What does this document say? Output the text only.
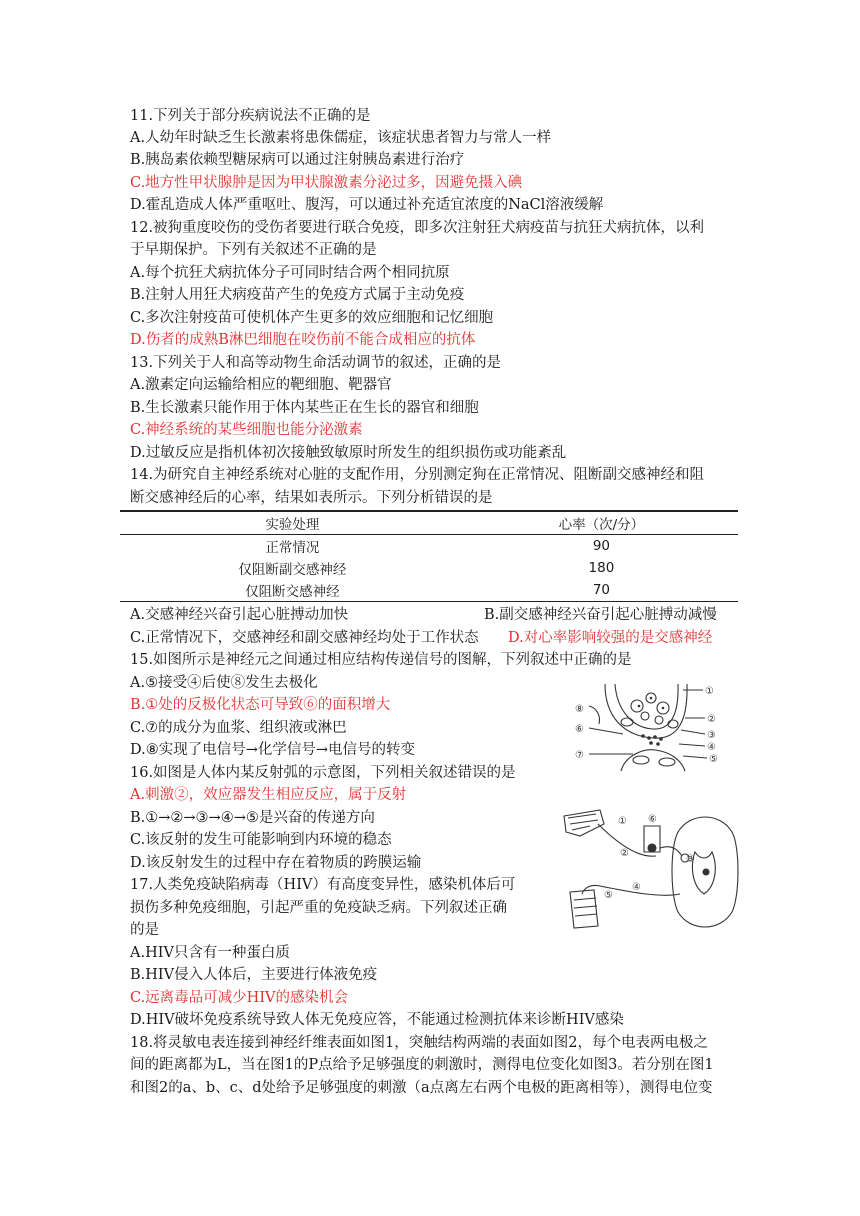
11.下列关于部分疾病说法不正确的是
A.人幼年时缺乏生长激素将患侏儒症，该症状患者智力与常人一样
B.胰岛素依赖型糖尿病可以通过注射胰岛素进行治疗
C.地方性甲状腺肿是因为甲状腺激素分泌过多，因避免摄入碘
D.霍乱造成人体严重呕吐、腹泻，可以通过补充适宜浓度的NaCl溶液缓解
12.被狗重度咬伤的受伤者要进行联合免疫，即多次注射狂犬病疫苗与抗狂犬病抗体，以利
于早期保护。下列有关叙述不正确的是
A.每个抗狂犬病抗体分子可同时结合两个相同抗原
B.注射人用狂犬病疫苗产生的免疫方式属于主动免疫
C.多次注射疫苗可使机体产生更多的效应细胞和记忆细胞
D.伤者的成熟B淋巴细胞在咬伤前不能合成相应的抗体
13.下列关于人和高等动物生命活动调节的叙述，正确的是
A.激素定向运输给相应的靶细胞、靶器官
B.生长激素只能作用于体内某些正在生长的器官和细胞
C.神经系统的某些细胞也能分泌激素
D.过敏反应是指机体初次接触致敏原时所发生的组织损伤或功能紊乱
14.为研究自主神经系统对心脏的支配作用，分别测定狗在正常情况、阻断副交感神经和阻
断交感神经后的心率，结果如表所示。下列分析错误的是
实验处理	心率（次/分）
正常情况	90
仅阻断副交感神经	180
仅阻断交感神经	70
A.交感神经兴奋引起心脏搏动加快	B.副交感神经兴奋引起心脏搏动减慢
C.正常情况下，交感神经和副交感神经均处于工作状态 D.对心率影响较强的是交感神经
15.如图所示是神经元之间通过相应结构传递信号的图解，下列叙述中正确的是
A.⑤接受④后使⑧发生去极化
B.①处的反极化状态可导致⑥的面积增大
C.⑦的成分为血浆、组织液或淋巴
D.⑧实现了电信号→化学信号→电信号的转变
16.如图是人体内某反射弧的示意图，下列相关叙述错误的是
A.刺激②，效应器发生相应反应，属于反射
B.①→②→③→④→⑤是兴奋的传递方向
C.该反射的发生可能影响到内环境的稳态
D.该反射发生的过程中存在着物质的跨膜运输
17.人类免疫缺陷病毒（HIV）有高度变异性，感染机体后可
损伤多种免疫细胞，引起严重的免疫缺乏病。下列叙述正确
的是
A.HIV只含有一种蛋白质
B.HIV侵入人体后，主要进行体液免疫
C.远离毒品可减少HIV的感染机会
D.HIV破坏免疫系统导致人体无免疫应答，不能通过检测抗体来诊断HIV感染
18.将灵敏电表连接到神经纤维表面如图1，突触结构两端的表面如图2，每个电表两电极之
间的距离都为L，当在图1的P点给予足够强度的刺激时，测得电位变化如图3。若分别在图1
和图2的a、b、c、d处给予足够强度的刺激（a点离左右两个电极的距离相等），测得电位变
①
②
③
④
⑤
⑥
⑦
⑧
①
②
③
④
⑤
⑥
